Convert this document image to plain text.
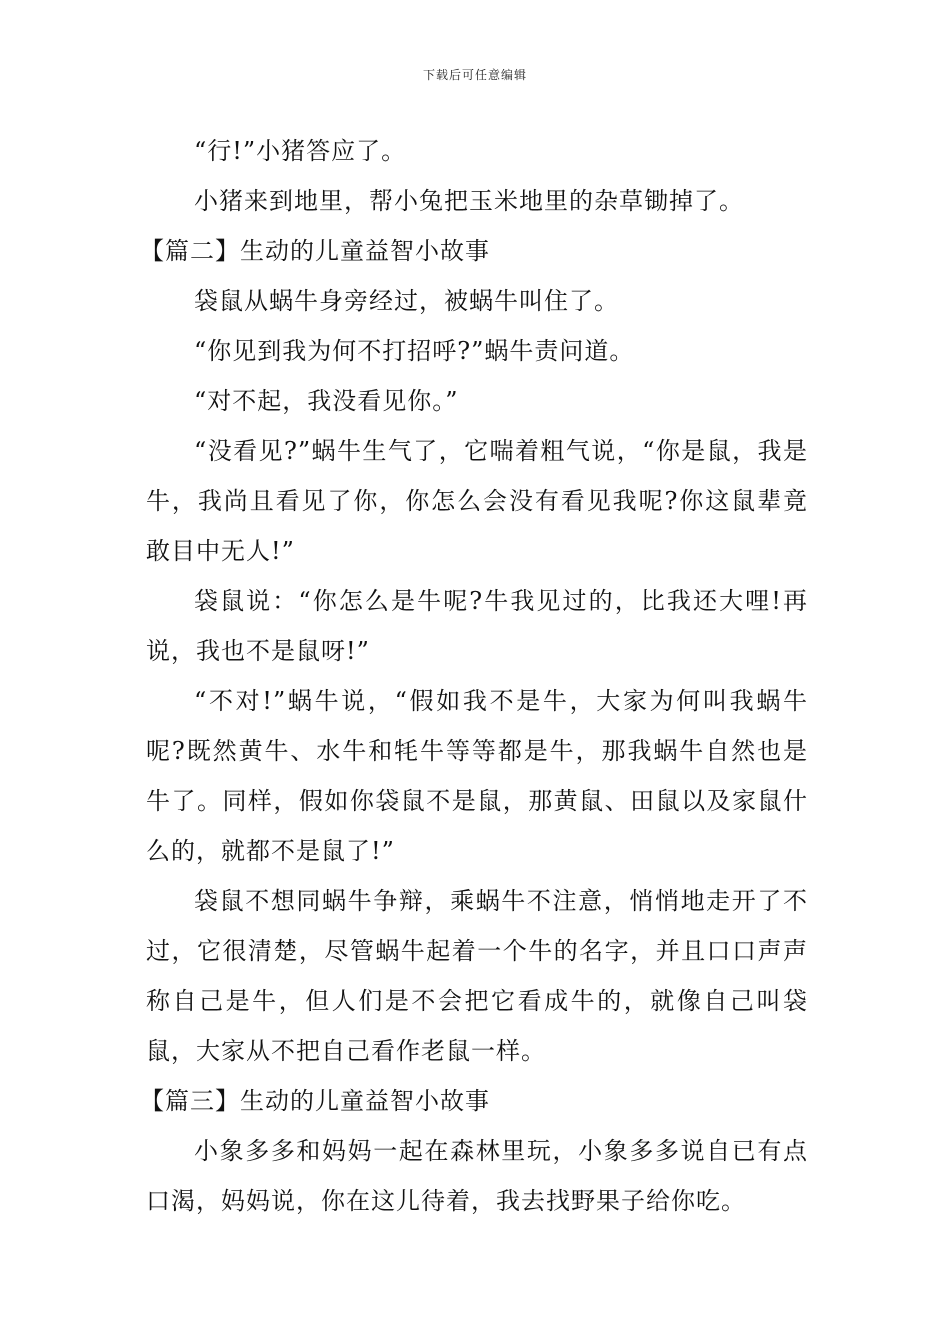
下载后可任意编辑

“行!”小猪答应了。

小猪来到地里，帮小兔把玉米地里的杂草锄掉了。

【篇二】生动的儿童益智小故事

袋鼠从蜗牛身旁经过，被蜗牛叫住了。

“你见到我为何不打招呼?”蜗牛责问道。

“对不起，我没看见你。”

“没看见?”蜗牛生气了，它喘着粗气说，“你是鼠，我是牛，我尚且看见了你，你怎么会没有看见我呢?你这鼠辈竟敢目中无人!”

袋鼠说：“你怎么是牛呢?牛我见过的，比我还大哩!再说，我也不是鼠呀!”

“不对!”蜗牛说，“假如我不是牛，大家为何叫我蜗牛呢?既然黄牛、水牛和牦牛等等都是牛，那我蜗牛自然也是牛了。同样，假如你袋鼠不是鼠，那黄鼠、田鼠以及家鼠什么的，就都不是鼠了!”

袋鼠不想同蜗牛争辩，乘蜗牛不注意，悄悄地走开了不过，它很清楚，尽管蜗牛起着一个牛的名字，并且口口声声称自己是牛，但人们是不会把它看成牛的，就像自己叫袋鼠，大家从不把自己看作老鼠一样。

【篇三】生动的儿童益智小故事

小象多多和妈妈一起在森林里玩，小象多多说自已有点口渴，妈妈说，你在这儿待着，我去找野果子给你吃。
